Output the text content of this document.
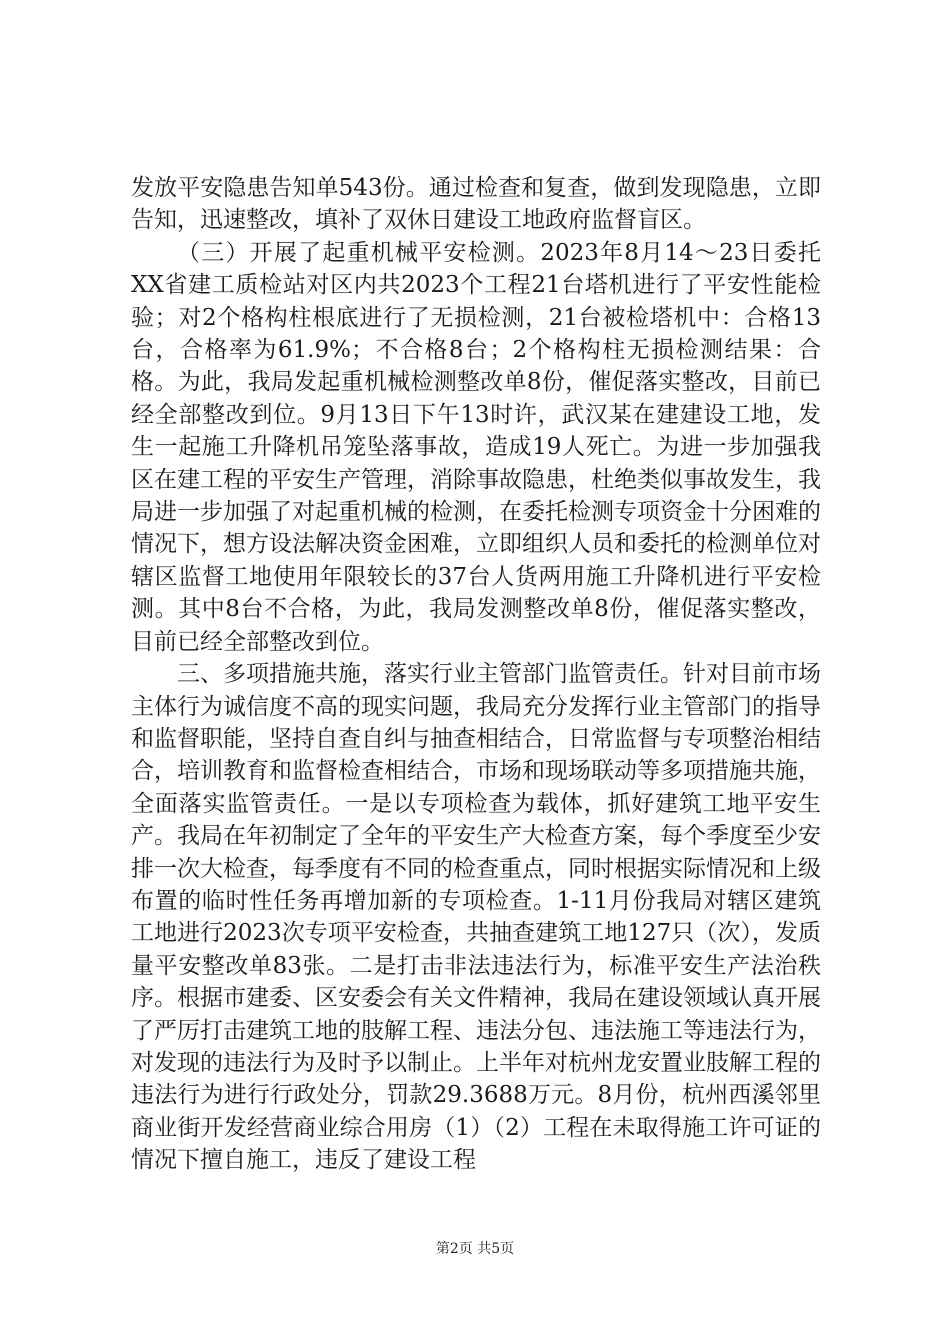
发放平安隐患告知单543份。通过检查和复查，做到发现隐患，立即告知，迅速整改，填补了双休日建设工地政府监督盲区。

（三）开展了起重机械平安检测。2023年8月14～23日委托XX省建工质检站对区内共2023个工程21台塔机进行了平安性能检验；对2个格构柱根底进行了无损检测，21台被检塔机中：合格13台，合格率为61.9%；不合格8台；2个格构柱无损检测结果：合格。为此，我局发起重机械检测整改单8份，催促落实整改，目前已经全部整改到位。9月13日下午13时许，武汉某在建建设工地，发生一起施工升降机吊笼坠落事故，造成19人死亡。为进一步加强我区在建工程的平安生产管理，消除事故隐患，杜绝类似事故发生，我局进一步加强了对起重机械的检测，在委托检测专项资金十分困难的情况下，想方设法解决资金困难，立即组织人员和委托的检测单位对辖区监督工地使用年限较长的37台人货两用施工升降机进行平安检测。其中8台不合格，为此，我局发测整改单8份，催促落实整改，目前已经全部整改到位。

三、多项措施共施，落实行业主管部门监管责任。针对目前市场主体行为诚信度不高的现实问题，我局充分发挥行业主管部门的指导和监督职能，坚持自查自纠与抽查相结合，日常监督与专项整治相结合，培训教育和监督检查相结合，市场和现场联动等多项措施共施，全面落实监管责任。一是以专项检查为载体，抓好建筑工地平安生产。我局在年初制定了全年的平安生产大检查方案，每个季度至少安排一次大检查，每季度有不同的检查重点，同时根据实际情况和上级布置的临时性任务再增加新的专项检查。1-11月份我局对辖区建筑工地进行2023次专项平安检查，共抽查建筑工地127只（次），发质量平安整改单83张。二是打击非法违法行为，标准平安生产法治秩序。根据市建委、区安委会有关文件精神，我局在建设领域认真开展了严厉打击建筑工地的肢解工程、违法分包、违法施工等违法行为，对发现的违法行为及时予以制止。上半年对杭州龙安置业肢解工程的违法行为进行行政处分，罚款29.3688万元。8月份，杭州西溪邻里商业街开发经营商业综合用房（1）（2）工程在未取得施工许可证的情况下擅自施工，违反了建设工程

第2页 共5页
